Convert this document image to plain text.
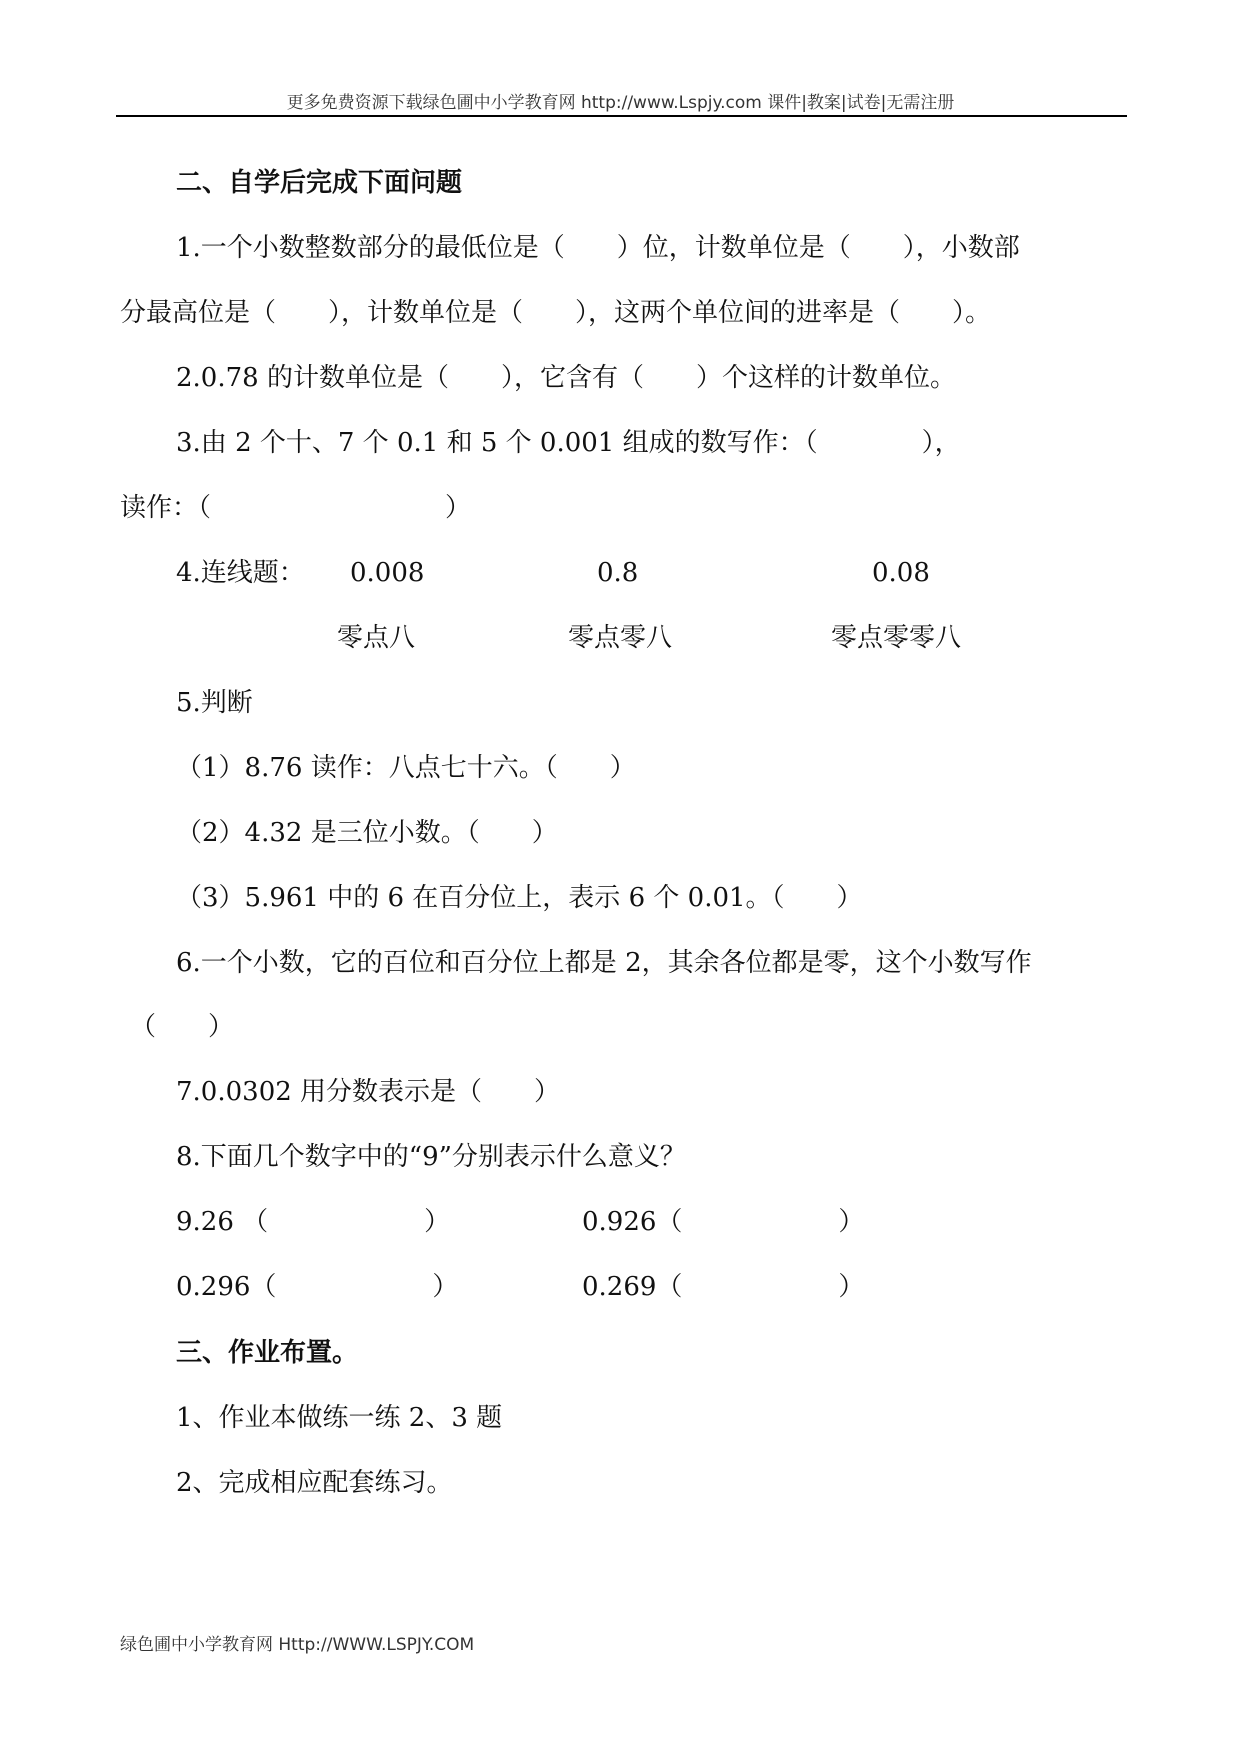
更多免费资源下载绿色圃中小学教育网 http://www.Lspjy.com 课件|教案|试卷|无需注册
二、自学后完成下面问题
1.一个小数整数部分的最低位是（　　）位，计数单位是（　　），小数部
分最高位是（　　），计数单位是（　　），这两个单位间的进率是（　　）。
2.0.78 的计数单位是（　　），它含有（　　）个这样的计数单位。
3.由 2 个十、7 个 0.1 和 5 个 0.001 组成的数写作：（　　　　），
读作：（　　　　　　　　　）
4.连线题： 0.008	0.8	0.08
零点八	零点零八	零点零零八
5.判断
（1）8.76 读作：八点七十六。（　　）
（2）4.32 是三位小数。（　　）
（3）5.961 中的 6 在百分位上，表示 6 个 0.01。（　　）
6.一个小数，它的百位和百分位上都是 2，其余各位都是零，这个小数写作
（　　）
7.0.0302 用分数表示是（　　）
8.下面几个数字中的“9”分别表示什么意义？
9.26 （　　　　　　）	0.926（　　　　　　）
0.296（　　　　　　）	0.269（　　　　　　）
三、作业布置。
1、作业本做练一练 2、3 题
2、完成相应配套练习。
绿色圃中小学教育网 Http://WWW.LSPJY.COM
